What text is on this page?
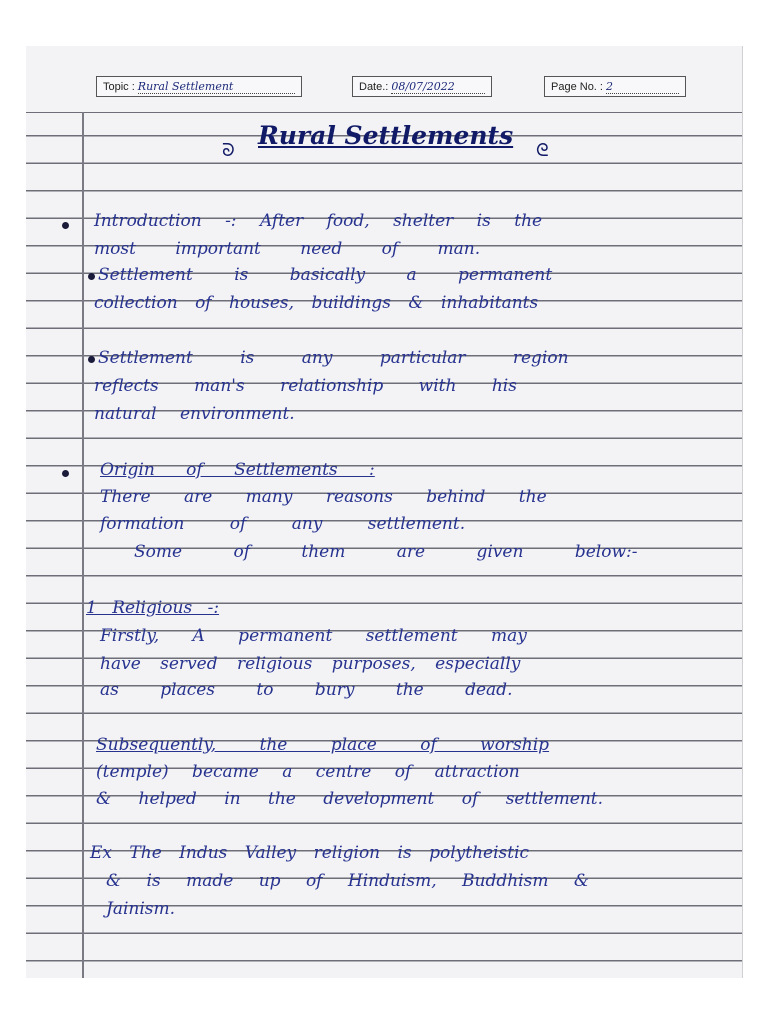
Topic : Rural Settlement	Date.: 08/07/2022	Page No. : 2
ᘐ
Rural Settlements
ᘓ
Introduction -: After food, shelter is the
most important need of man.
Settlement is basically a permanent
collection of houses, buildings & inhabitants
Settlement is any particular region
reflects man's relationship with his
natural environment.
Origin of Settlements :
There are many reasons behind the
formation of any settlement.
Some of them are given below:-
1 Religious -:
Firstly, A permanent settlement may
have served religious purposes, especially
as places to bury the dead.
Subsequently, the place of worship
(temple) became a centre of attraction
& helped in the development of settlement.
Ex The Indus Valley religion is polytheistic
& is made up of Hinduism, Buddhism &
Jainism.
